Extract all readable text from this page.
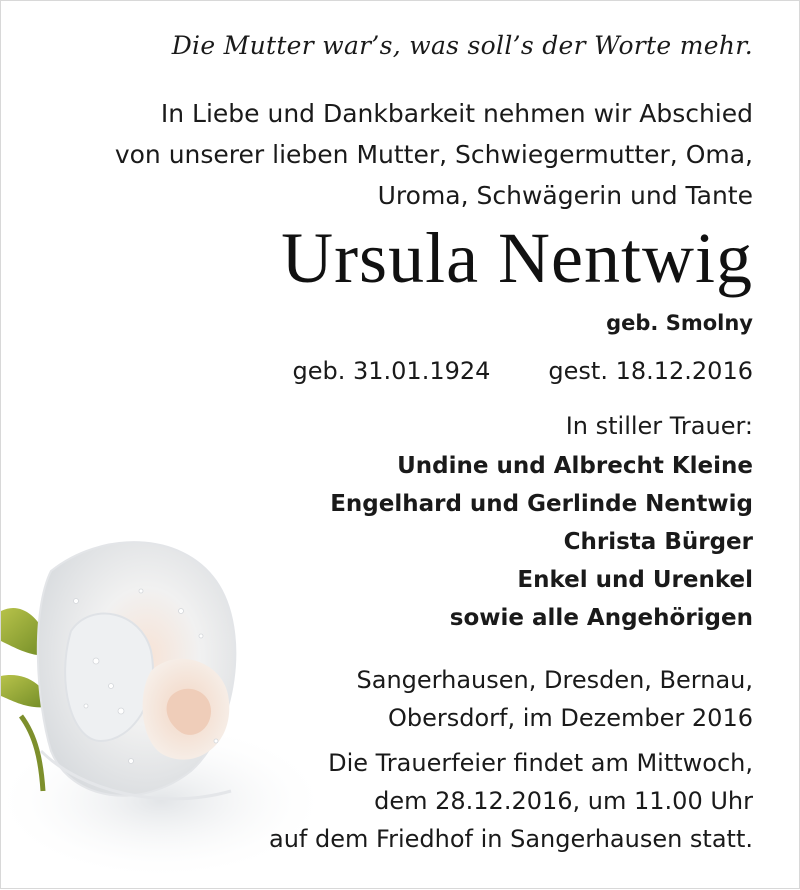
Die Mutter war’s, was soll’s der Worte mehr.
In Liebe und Dankbarkeit nehmen wir Abschied
von unserer lieben Mutter, Schwiegermutter, Oma,
Uroma, Schwägerin und Tante
Ursula Nentwig
geb. Smolny
geb. 31.01.1924 gest. 18.12.2016
In stiller Trauer:
Undine und Albrecht Kleine
Engelhard und Gerlinde Nentwig
Christa Bürger
Enkel und Urenkel
sowie alle Angehörigen
Sangerhausen, Dresden, Bernau,
Obersdorf, im Dezember 2016
Die Trauerfeier findet am Mittwoch,
dem 28.12.2016, um 11.00 Uhr
auf dem Friedhof in Sangerhausen statt.
